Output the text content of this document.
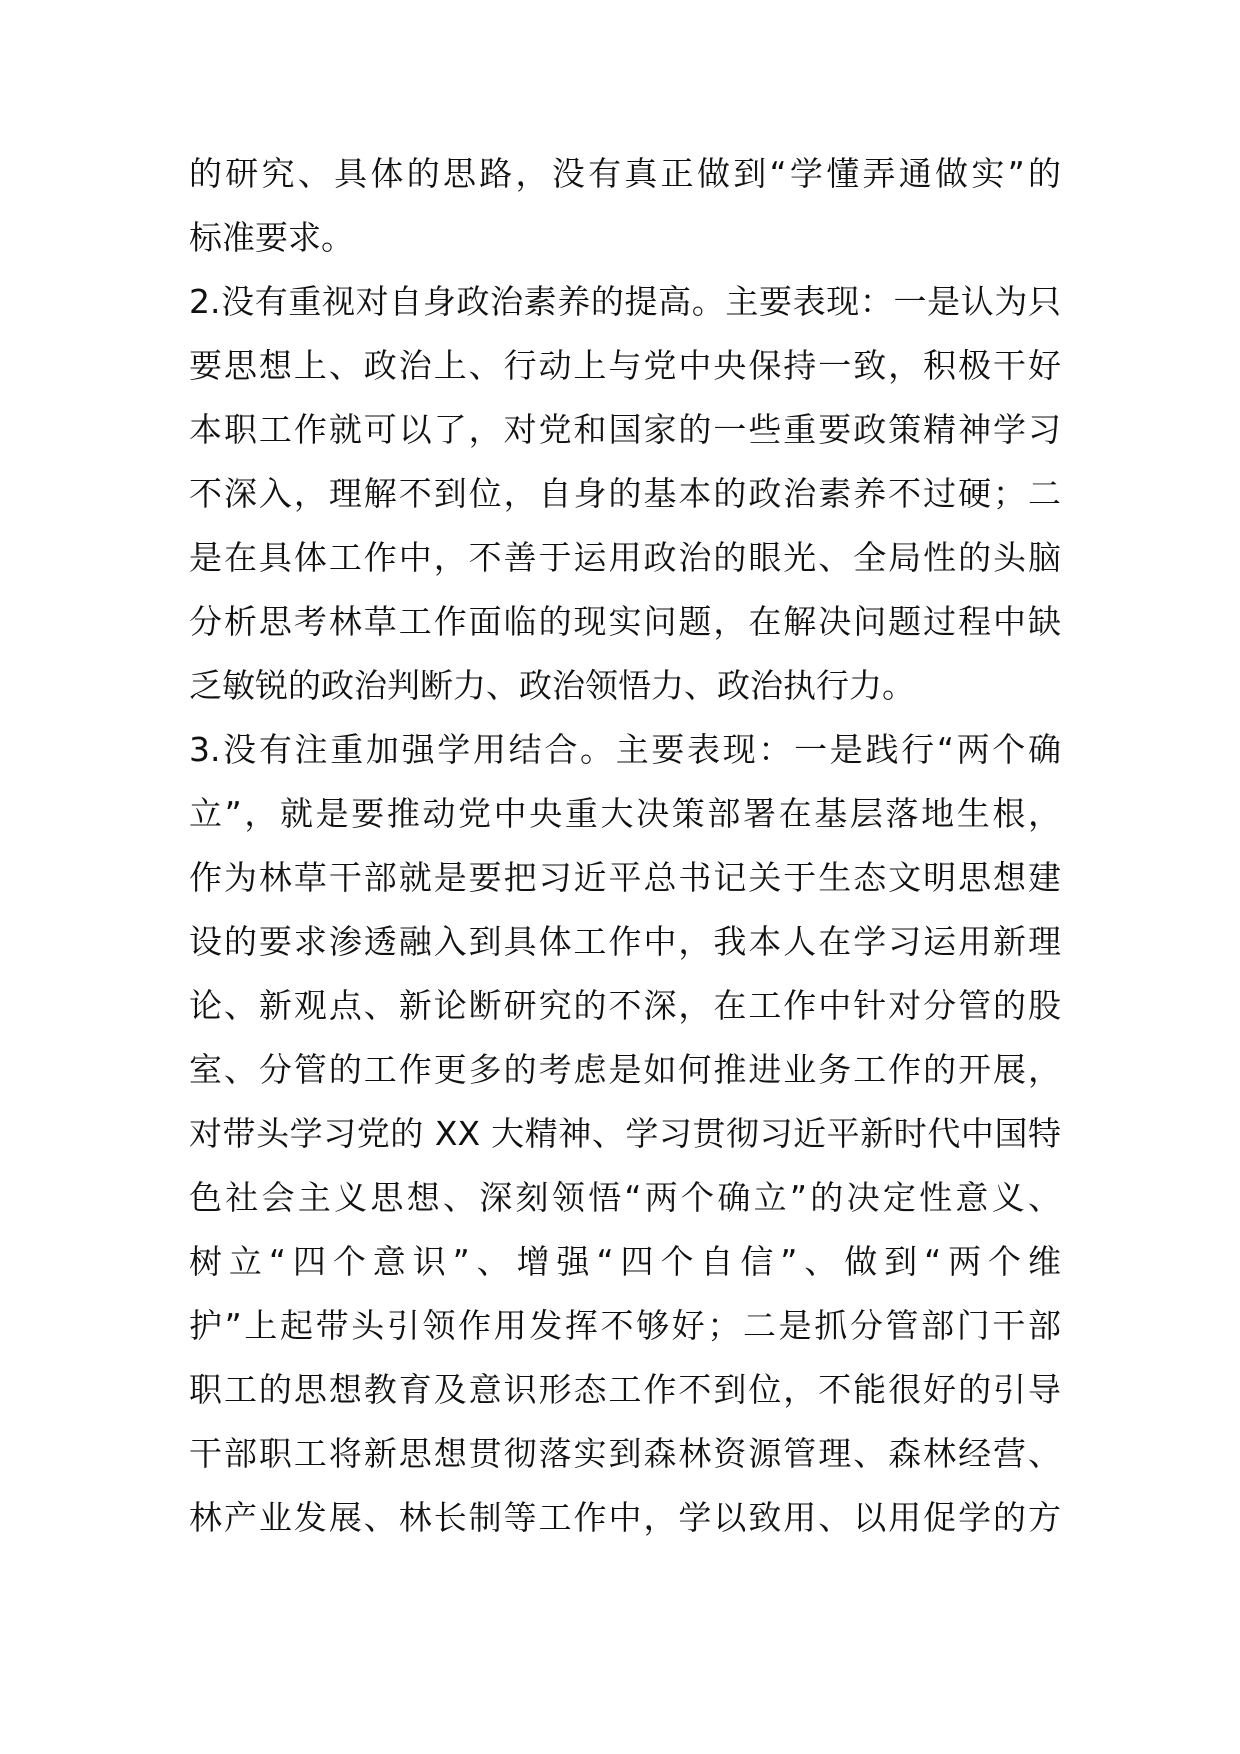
的研究、具体的思路，没有真正做到“学懂弄通做实”的
标准要求。
2.没有重视对自身政治素养的提高。主要表现：一是认为只
要思想上、政治上、行动上与党中央保持一致，积极干好
本职工作就可以了，对党和国家的一些重要政策精神学习
不深入，理解不到位，自身的基本的政治素养不过硬；二
是在具体工作中，不善于运用政治的眼光、全局性的头脑
分析思考林草工作面临的现实问题，在解决问题过程中缺
乏敏锐的政治判断力、政治领悟力、政治执行力。
3.没有注重加强学用结合。主要表现：一是践行“两个确
立”，就是要推动党中央重大决策部署在基层落地生根，
作为林草干部就是要把习近平总书记关于生态文明思想建
设的要求渗透融入到具体工作中，我本人在学习运用新理
论、新观点、新论断研究的不深，在工作中针对分管的股
室、分管的工作更多的考虑是如何推进业务工作的开展，
对带头学习党的 XX 大精神、学习贯彻习近平新时代中国特
色社会主义思想、深刻领悟“两个确立”的决定性意义、
树立“四个意识”、增强“四个自信”、做到“两个维
护”上起带头引领作用发挥不够好；二是抓分管部门干部
职工的思想教育及意识形态工作不到位，不能很好的引导
干部职工将新思想贯彻落实到森林资源管理、森林经营、
林产业发展、林长制等工作中，学以致用、以用促学的方
